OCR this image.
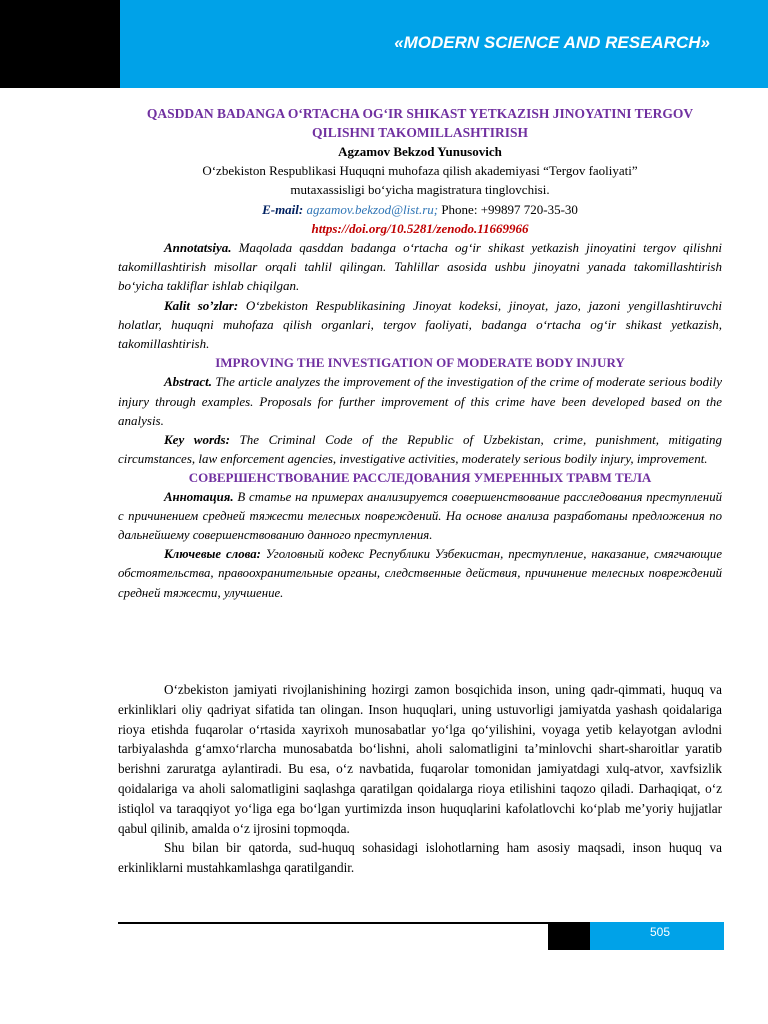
«MODERN SCIENCE AND RESEARCH»
QASDDAN BADANGA O‘RTACHA OG‘IR SHIKAST YETKAZISH JINOYATINI TERGOV QILISHNI TAKOMILLASHTIRISH
Agzamov Bekzod Yunusovich
O‘zbekiston Respublikasi Huquqni muhofaza qilish akademiyasi “Tergov faoliyati”
mutaxassisligi bo‘yicha magistratura tinglovchisi.
E-mail: agzamov.bekzod@list.ru; Phone: +99897 720-35-30
https://doi.org/10.5281/zenodo.11669966

Annotatsiya. Maqolada qasddan badanga o‘rtacha og‘ir shikast yetkazish jinoyatini tergov qilishni takomillashtirish misollar orqali tahlil qilingan. Tahlillar asosida ushbu jinoyatni yanada takomillashtirish bo‘yicha takliflar ishlab chiqilgan.

Kalit so’zlar: O‘zbekiston Respublikasining Jinoyat kodeksi, jinoyat, jazo, jazoni yengillashtiruvchi holatlar, huquqni muhofaza qilish organlari, tergov faoliyati, badanga o‘rtacha og‘ir shikast yetkazish, takomillashtirish.

IMPROVING THE INVESTIGATION OF MODERATE BODY INJURY

Abstract. The article analyzes the improvement of the investigation of the crime of moderate serious bodily injury through examples. Proposals for further improvement of this crime have been developed based on the analysis.

Key words: The Criminal Code of the Republic of Uzbekistan, crime, punishment, mitigating circumstances, law enforcement agencies, investigative activities, moderately serious bodily injury, improvement.

СОВЕРШЕНСТВОВАНИЕ РАССЛЕДОВАНИЯ УМЕРЕННЫХ ТРАВМ ТЕЛА

Аннотация. В статье на примерах анализируется совершенствование расследования преступлений с причинением средней тяжести телесных повреждений. На основе анализа разработаны предложения по дальнейшему совершенствованию данного преступления.

Ключевые слова: Уголовный кодекс Республики Узбекистан, преступление, наказание, смягчающие обстоятельства, правоохранительные органы, следственные действия, причинение телесных повреждений средней тяжести, улучшение.

O‘zbekiston jamiyati rivojlanishining hozirgi zamon bosqichida inson, uning qadr-qimmati, huquq va erkinliklari oliy qadriyat sifatida tan olingan. Inson huquqlari, uning ustuvorligi jamiyatda yashash qoidalariga rioya etishda fuqarolar o‘rtasida xayrixoh munosabatlar yo‘lga qo‘yilishini, voyaga yetib kelayotgan avlodni tarbiyalashda g‘amxo‘rlarcha munosabatda bo‘lishni, aholi salomatligini ta’minlovchi shart-sharoitlar yaratib berishni zaruratga aylantiradi. Bu esa, o‘z navbatida, fuqarolar tomonidan jamiyatdagi xulq-atvor, xavfsizlik qoidalariga va aholi salomatligini saqlashga qaratilgan qoidalarga rioya etilishini taqozo qiladi. Darhaqiqat, o‘z istiqlol va taraqqiyot yo‘liga ega bo‘lgan yurtimizda inson huquqlarini kafolatlovchi ko‘plab me’yoriy hujjatlar qabul qilinib, amalda o‘z ijrosini topmoqda.

Shu bilan bir qatorda, sud-huquq sohasidagi islohotlarning ham asosiy maqsadi, inson huquq va erkinliklarni mustahkamlashga qaratilgandir.

505
